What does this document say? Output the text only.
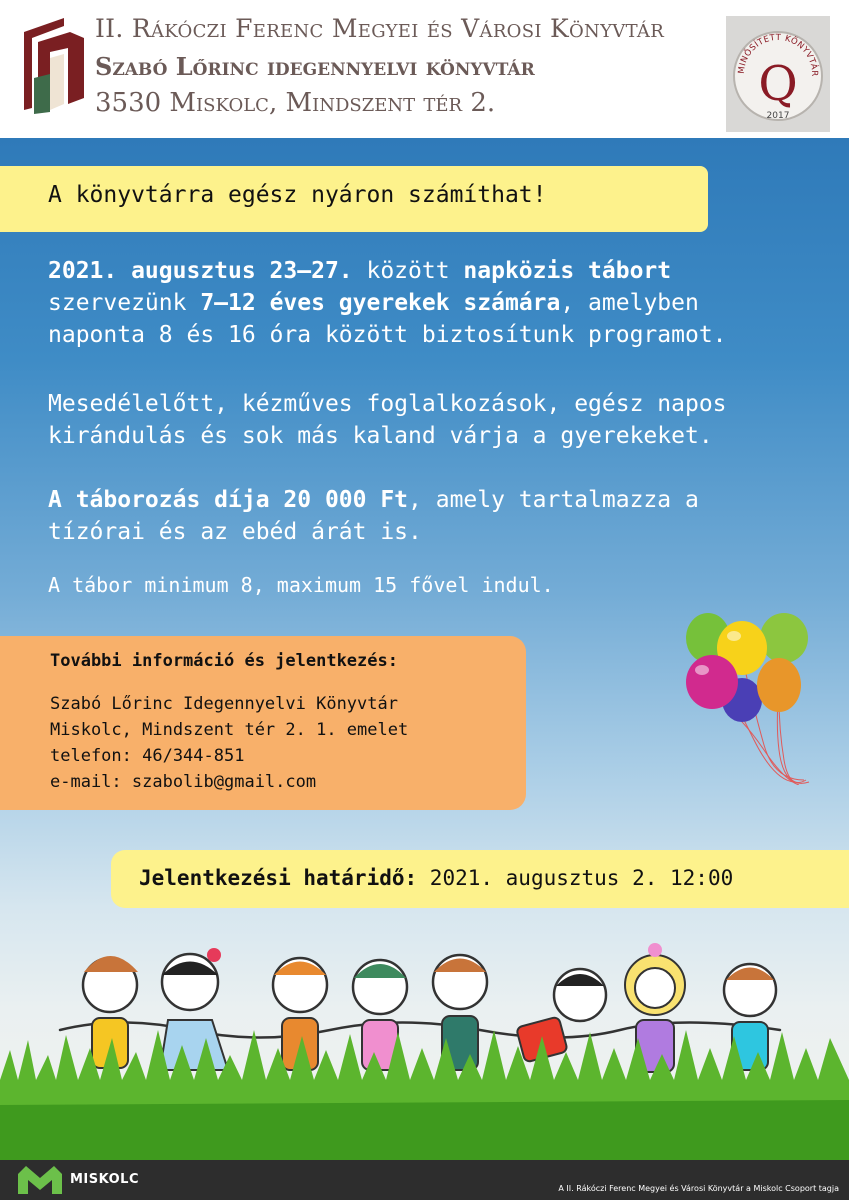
II. Rákóczi Ferenc Megyei és Városi Könyvtár
Szabó Lőrinc idegennyelvi könyvtár
3530 Miskolc, Mindszent tér 2.
MINŐSÍTETT KÖNYVTÁR
Q
2017
A könyvtárra egész nyáron számíthat!
2021. augusztus 23–27. között napközis tábort
szervezünk 7–12 éves gyerekek számára, amelyben
naponta 8 és 16 óra között biztosítunk programot.
Mesedélelőtt, kézműves foglalkozások, egész napos
kirándulás és sok más kaland várja a gyerekeket.
A táborozás díja 20 000 Ft, amely tartalmazza a
tízórai és az ebéd árát is.
A tábor minimum 8, maximum 15 fővel indul.
További információ és jelentkezés:
Szabó Lőrinc Idegennyelvi Könyvtár
Miskolc, Mindszent tér 2. 1. emelet
telefon: 46/344-851
e-mail: szabolib@gmail.com
Jelentkezési határidő: 2021. augusztus 2. 12:00
MISKOLC
A II. Rákóczi Ferenc Megyei és Városi Könyvtár a Miskolc Csoport tagja
